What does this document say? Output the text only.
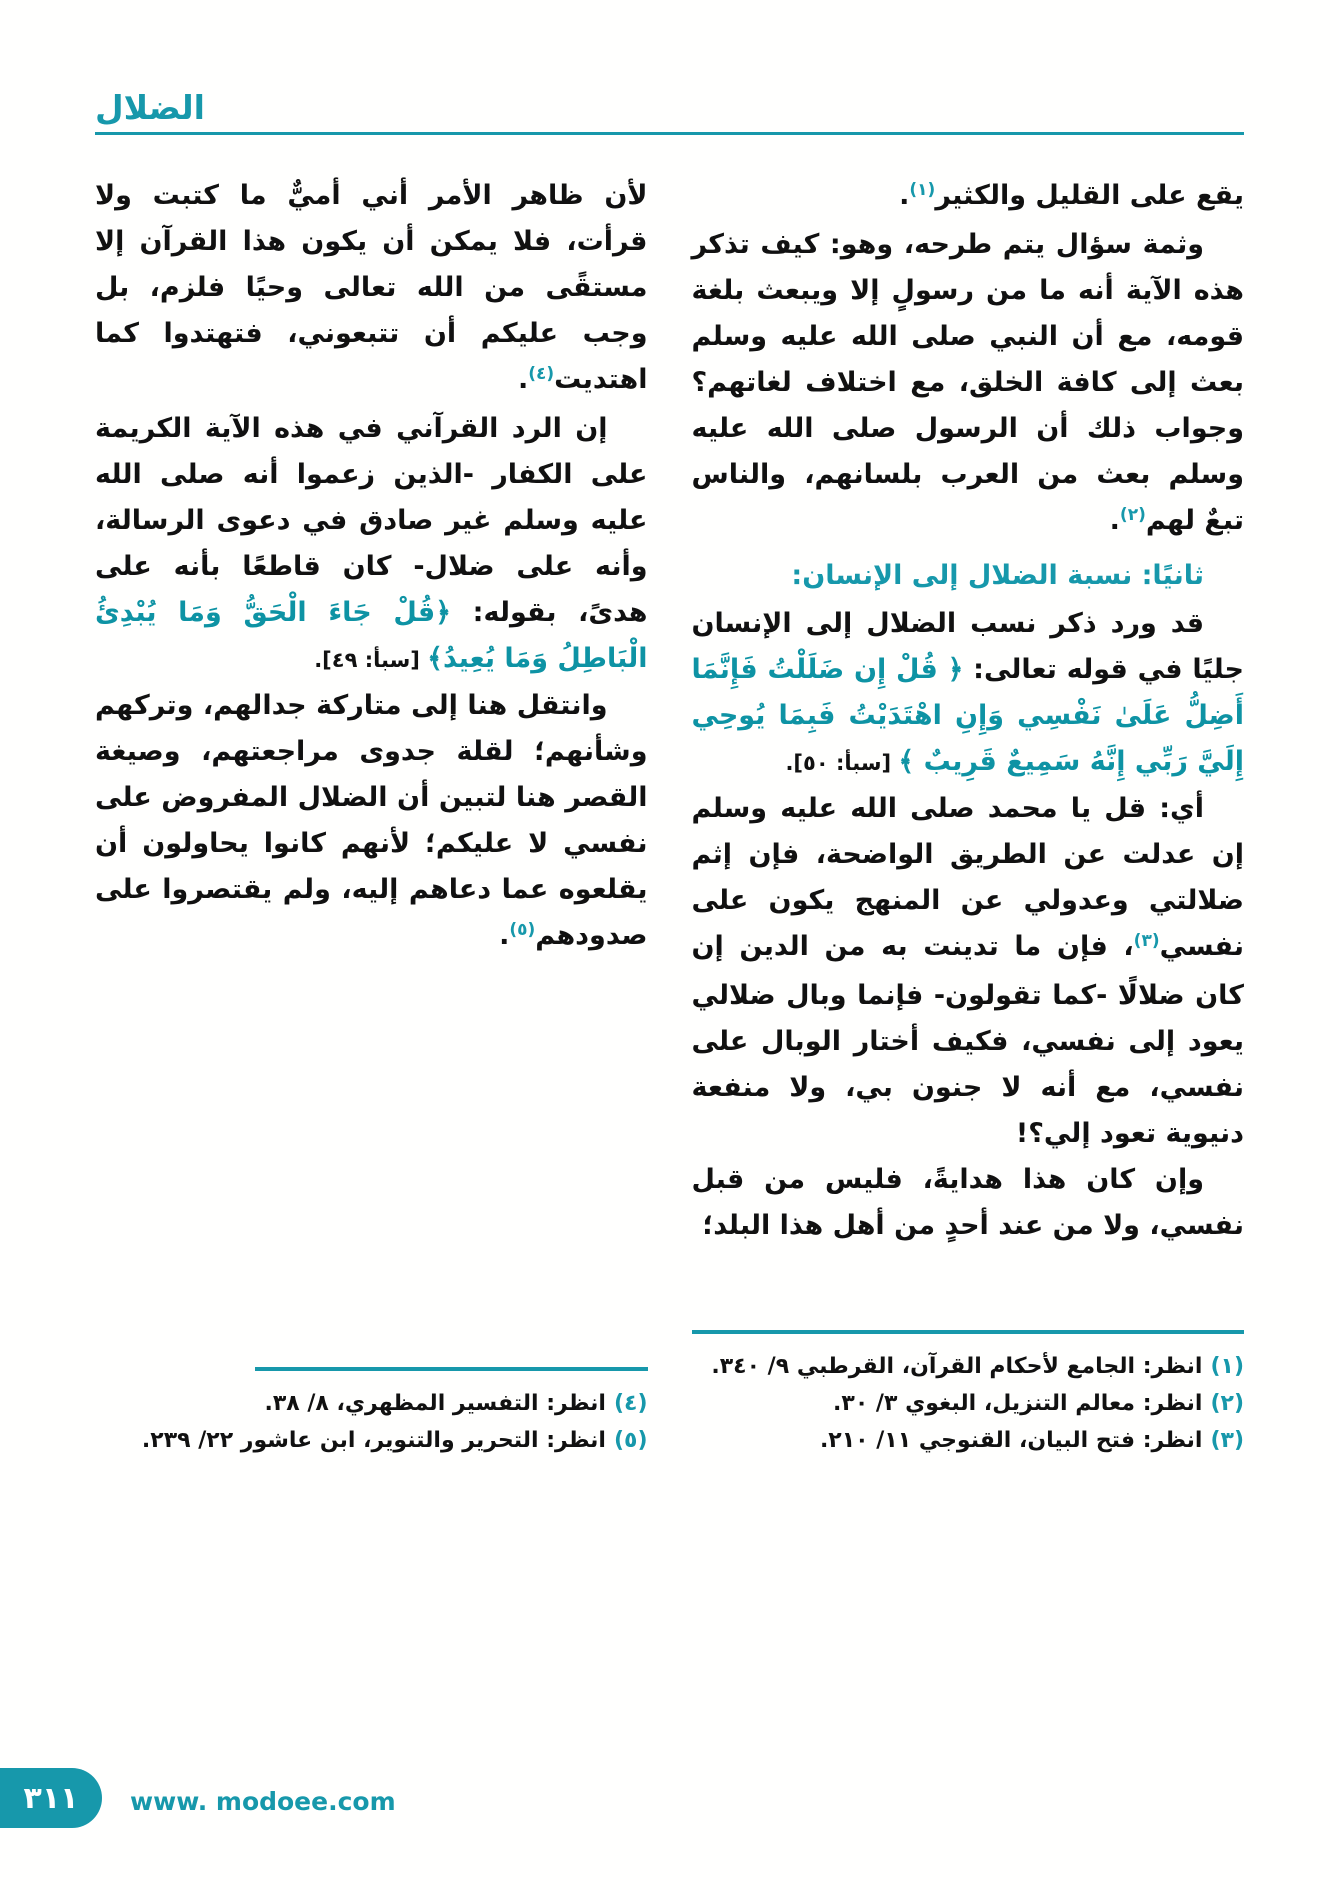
الضلال

يقع على القليل والكثير$^{(١)}$.

وثمة سؤال يتم طرحه، وهو: كيف تذكر هذه الآية أنه ما من رسولٍ إلا ويبعث بلغة قومه، مع أن النبي صلى الله عليه وسلم بعث إلى كافة الخلق، مع اختلاف لغاتهم؟ وجواب ذلك أن الرسول صلى الله عليه وسلم بعث من العرب بلسانهم، والناس تبعٌ لهم$^{(٢)}$.

ثانيًا: نسبة الضلال إلى الإنسان:

قد ورد ذكر نسب الضلال إلى الإنسان جليًا في قوله تعالى: ﴿ قُلْ إِن ضَلَلْتُ فَإِنَّمَا أَضِلُّ عَلَىٰ نَفْسِي وَإِنِ اهْتَدَيْتُ فَبِمَا يُوحِي إِلَيَّ رَبِّي إِنَّهُ سَمِيعٌ قَرِيبٌ ﴾ [سبأ: ٥٠].

أي: قل يا محمد صلى الله عليه وسلم إن عدلت عن الطريق الواضحة، فإن إثم ضلالتي وعدولي عن المنهج يكون على نفسي$^{(٣)}$، فإن ما تدينت به من الدين إن كان ضلالًا -كما تقولون- فإنما وبال ضلالي يعود إلى نفسي، فكيف أختار الوبال على نفسي، مع أنه لا جنون بي، ولا منفعة دنيوية تعود إلي؟!

وإن كان هذا هدايةً، فليس من قبل نفسي، ولا من عند أحدٍ من أهل هذا البلد؛

(١)انظر: الجامع لأحكام القرآن، القرطبي ٩/ ٣٤٠.
(٢)انظر: معالم التنزيل، البغوي ٣/ ٣٠.
(٣)انظر: فتح البيان، القنوجي ١١/ ٢١٠.

لأن ظاهر الأمر أني أميٌّ ما كتبت ولا قرأت، فلا يمكن أن يكون هذا القرآن إلا مستقًى من الله تعالى وحيًا فلزم، بل وجب عليكم أن تتبعوني، فتهتدوا كما اهتديت$^{(٤)}$.

إن الرد القرآني في هذه الآية الكريمة على الكفار -الذين زعموا أنه صلى الله عليه وسلم غير صادق في دعوى الرسالة، وأنه على ضلال- كان قاطعًا بأنه على هدىً، بقوله: ﴿قُلْ جَاءَ الْحَقُّ وَمَا يُبْدِئُ الْبَاطِلُ وَمَا يُعِيدُ﴾ [سبأ: ٤٩].

وانتقل هنا إلى متاركة جدالهم، وتركهم وشأنهم؛ لقلة جدوى مراجعتهم، وصيغة القصر هنا لتبين أن الضلال المفروض على نفسي لا عليكم؛ لأنهم كانوا يحاولون أن يقلعوه عما دعاهم إليه، ولم يقتصروا على صدودهم$^{(٥)}$.

(٤)انظر: التفسير المظهري، ٨/ ٣٨.
(٥)انظر: التحرير والتنوير، ابن عاشور ٢٢/ ٢٣٩.
٣١١ www. modoee.com
